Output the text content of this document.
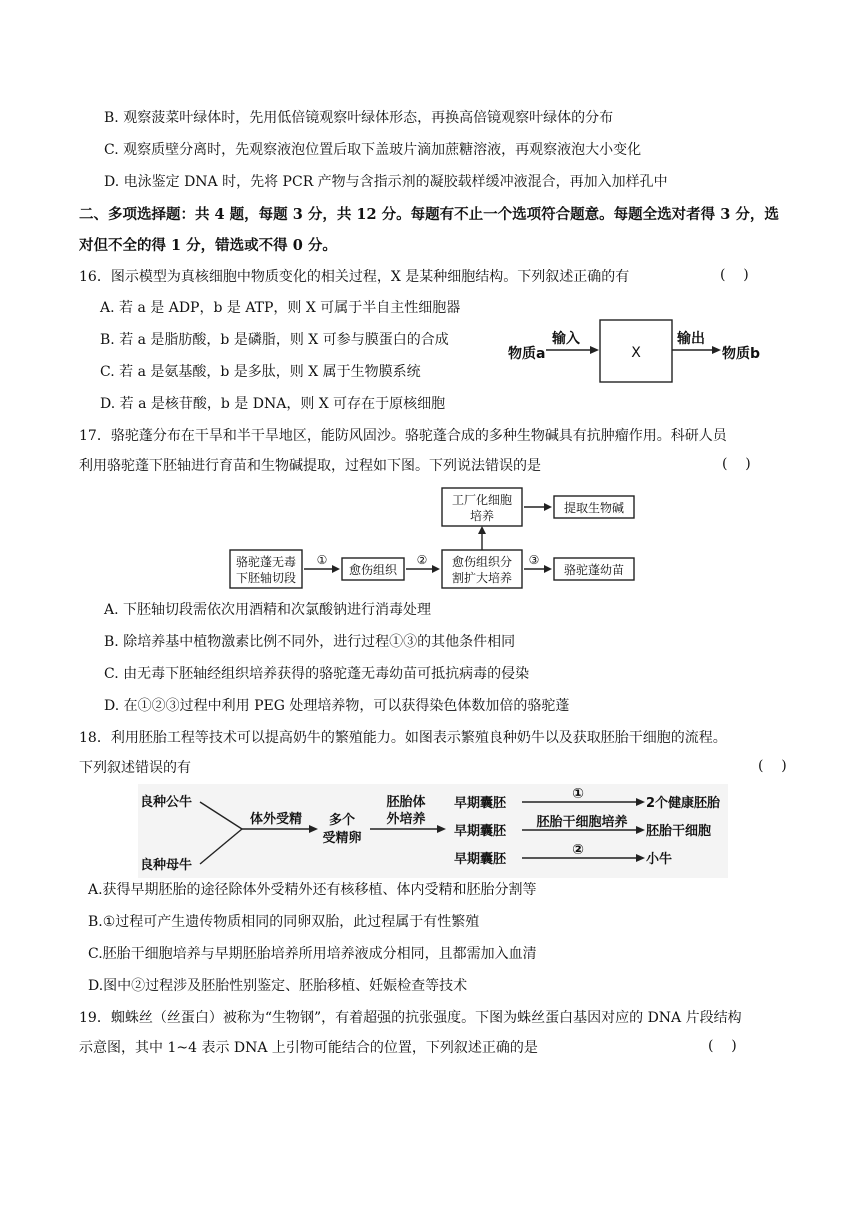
B. 观察菠菜叶绿体时，先用低倍镜观察叶绿体形态，再换高倍镜观察叶绿体的分布
C. 观察质壁分离时，先观察液泡位置后取下盖玻片滴加蔗糖溶液，再观察液泡大小变化
D. 电泳鉴定 DNA 时，先将 PCR 产物与含指示剂的凝胶载样缓冲液混合，再加入加样孔中
二、多项选择题：共 4 题，每题 3 分，共 12 分。每题有不止一个选项符合题意。每题全选对者得 3 分，选
对但不全的得 1 分，错选或不得 0 分。
16．图示模型为真核细胞中物质变化的相关过程，X 是某种细胞结构。下列叙述正确的有	(    )
A. 若 a 是 ADP，b 是 ATP，则 X 可属于半自主性细胞器
B. 若 a 是脂肪酸，b 是磷脂，则 X 可参与膜蛋白的合成
C. 若 a 是氨基酸，b 是多肽，则 X 属于生物膜系统
D. 若 a 是核苷酸，b 是 DNA，则 X 可存在于原核细胞
输入
物质a	X
输出
物质b
17．骆驼蓬分布在干旱和半干旱地区，能防风固沙。骆驼蓬合成的多种生物碱具有抗肿瘤作用。科研人员
利用骆驼蓬下胚轴进行育苗和生物碱提取，过程如下图。下列说法错误的是	(    )
骆驼蓬无毒
下胚轴切段
①
愈伤组织
② 愈伤组织分
割扩大培养
③
骆驼蓬幼苗
工厂化细胞
培养
提取生物碱
A. 下胚轴切段需依次用酒精和次氯酸钠进行消毒处理
B. 除培养基中植物激素比例不同外，进行过程①③的其他条件相同
C. 由无毒下胚轴经组织培养获得的骆驼蓬无毒幼苗可抵抗病毒的侵染
D. 在①②③过程中利用 PEG 处理培养物，可以获得染色体数加倍的骆驼蓬
18．利用胚胎工程等技术可以提高奶牛的繁殖能力。如图表示繁殖良种奶牛以及获取胚胎干细胞的流程。
下列叙述错误的有	(    )
良种公牛
良种母牛
体外受精 多个
受精卵
胚胎体
外培养
早期囊胚
早期囊胚
早期囊胚
①
2个健康胚胎
胚胎干细胞培养
胚胎干细胞
②
小牛
A.获得早期胚胎的途径除体外受精外还有核移植、体内受精和胚胎分割等
B.①过程可产生遗传物质相同的同卵双胎，此过程属于有性繁殖
C.胚胎干细胞培养与早期胚胎培养所用培养液成分相同，且都需加入血清
D.图中②过程涉及胚胎性别鉴定、胚胎移植、妊娠检查等技术
19．蜘蛛丝（丝蛋白）被称为“生物钢”，有着超强的抗张强度。下图为蛛丝蛋白基因对应的 DNA 片段结构
示意图，其中 1~4 表示 DNA 上引物可能结合的位置，下列叙述正确的是	(    )
